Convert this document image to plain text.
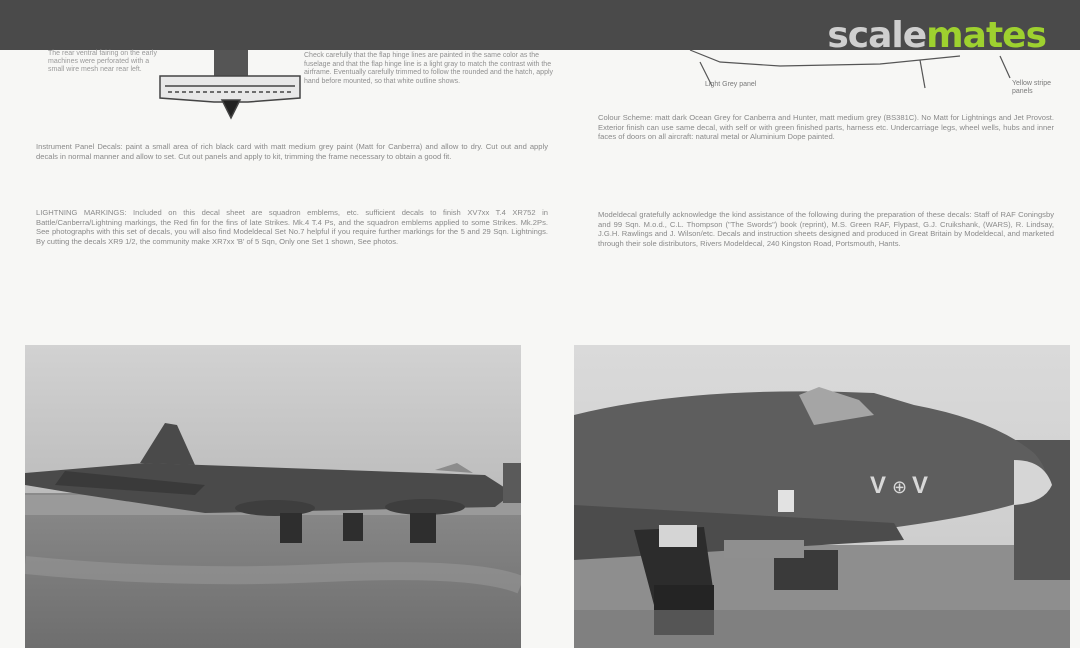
scalemates
The rear ventral fairing on the early machines were perforated with a small wire mesh near rear left.
Check carefully that the flap hinge lines are painted in the same color as the fuselage and that the flap hinge line is a light gray to match the contrast with the airframe. Eventually carefully trimmed to follow the rounded and the hatch, apply hand before mounted, so that white outline shows.	Light Grey panel	Yellow stripe panels
Instrument Panel Decals: paint a small area of rich black card with matt medium grey paint (Matt for Canberra) and allow to dry. Cut out and apply decals in normal manner and allow to set. Cut out panels and apply to kit, trimming the frame necessary to obtain a good fit.
LIGHTNING MARKINGS: Included on this decal sheet are squadron emblems, etc. sufficient decals to finish XV7xx T.4 XR752 in Battle/Canberra/Lightning markings, the Red fin for the fins of late Strikes. Mk.4 T.4 Ps, and the squadron emblems applied to some Strikes. Mk.2Ps. See photographs with this set of decals, you will also find Modeldecal Set No.7 helpful if you require further markings for the 5 and 29 Sqn. Lightnings. By cutting the decals XR9 1/2, the community make XR7xx 'B' of 5 Sqn, Only one Set 1 shown, See photos.
Colour Scheme: matt dark Ocean Grey for Canberra and Hunter, matt medium grey (BS381C). No Matt for Lightnings and Jet Provost. Exterior finish can use same decal, with self or with green finished parts, harness etc. Undercarriage legs, wheel wells, hubs and inner faces of doors on all aircraft: natural metal or Aluminium Dope painted.
Modeldecal gratefully acknowledge the kind assistance of the following during the preparation of these decals: Staff of RAF Coningsby and 99 Sqn. M.o.d., C.L. Thompson ("The Swords") book (reprint), M.S. Green RAF, Flypast, G.J. Cruikshank, (WARS), R. Lindsay, J.G.H. Rawlings and J. Wilson/etc. Decals and instruction sheets designed and produced in Great Britain by Modeldecal, and marketed through their sole distributors, Rivers Modeldecal, 240 Kingston Road, Portsmouth, Hants.
V ⊕ V
